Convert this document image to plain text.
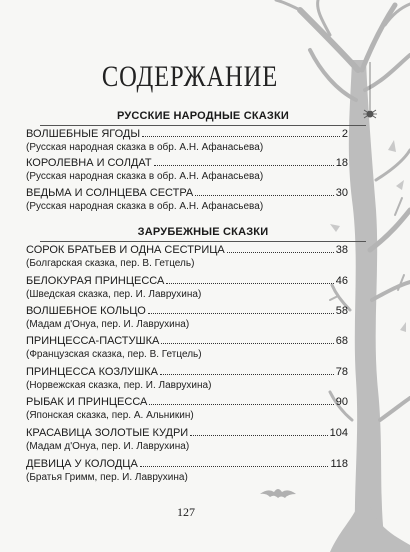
СОДЕРЖАНИЕ
РУССКИЕ НАРОДНЫЕ СКАЗКИ
ВОЛШЕБНЫЕ ЯГОДЫ	2
(Русская народная сказка в обр. А.Н. Афанасьева)
КОРОЛЕВНА И СОЛДАТ	18
(Русская народная сказка в обр. А.Н. Афанасьева)
ВЕДЬМА И СОЛНЦЕВА СЕСТРА	30
(Русская народная сказка в обр. А.Н. Афанасьева)
ЗАРУБЕЖНЫЕ СКАЗКИ
СОРОК БРАТЬЕВ И ОДНА СЕСТРИЦА	38
(Болгарская сказка, пер. В. Гетцель)
БЕЛОКУРАЯ ПРИНЦЕССА	46
(Шведская сказка, пер. И. Лаврухина)
ВОЛШЕБНОЕ КОЛЬЦО	58
(Мадам д'Онуа, пер. И. Лаврухина)
ПРИНЦЕССА-ПАСТУШКА	68
(Французская сказка, пер. В. Гетцель)
ПРИНЦЕССА КОЗЛУШКА	78
(Норвежская сказка, пер. И. Лаврухина)
РЫБАК И ПРИНЦЕССА	90
(Японская сказка, пер. А. Альникин)
КРАСАВИЦА ЗОЛОТЫЕ КУДРИ	104
(Мадам д'Онуа, пер. И. Лаврухина)
ДЕВИЦА У КОЛОДЦА	118
(Братья Гримм, пер. И. Лаврухина)
127
